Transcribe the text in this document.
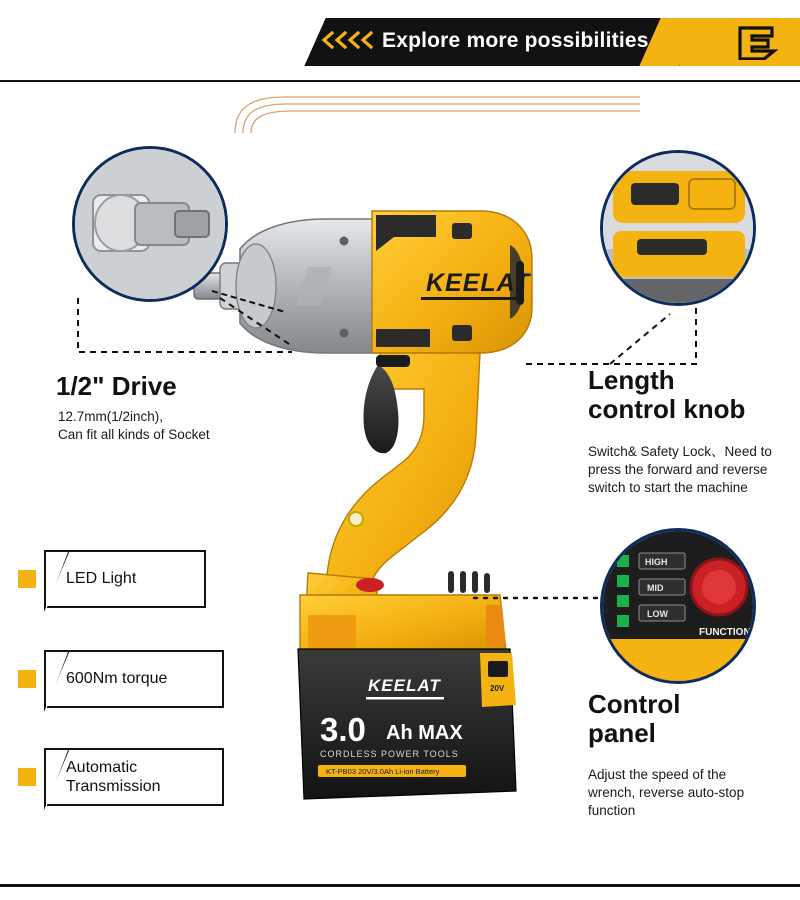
Explore more possibilities
KEELAT
20V
KEELAT
3.0 Ah MAX
CORDLESS POWER TOOLS
KT-PB03 20V/3.0Ah Li-ion Battery
1/2" Drive
12.7mm(1/2inch),
Can fit all kinds of Socket
Length
control knob
Switch& Safety Lock、Need to
press the forward and reverse
switch to start the machine
HIGH
MID
LOW
FUNCTION
Control
panel
Adjust the speed of the
wrench, reverse auto-stop
function
LED Light
600Nm torque
Automatic
Transmission
